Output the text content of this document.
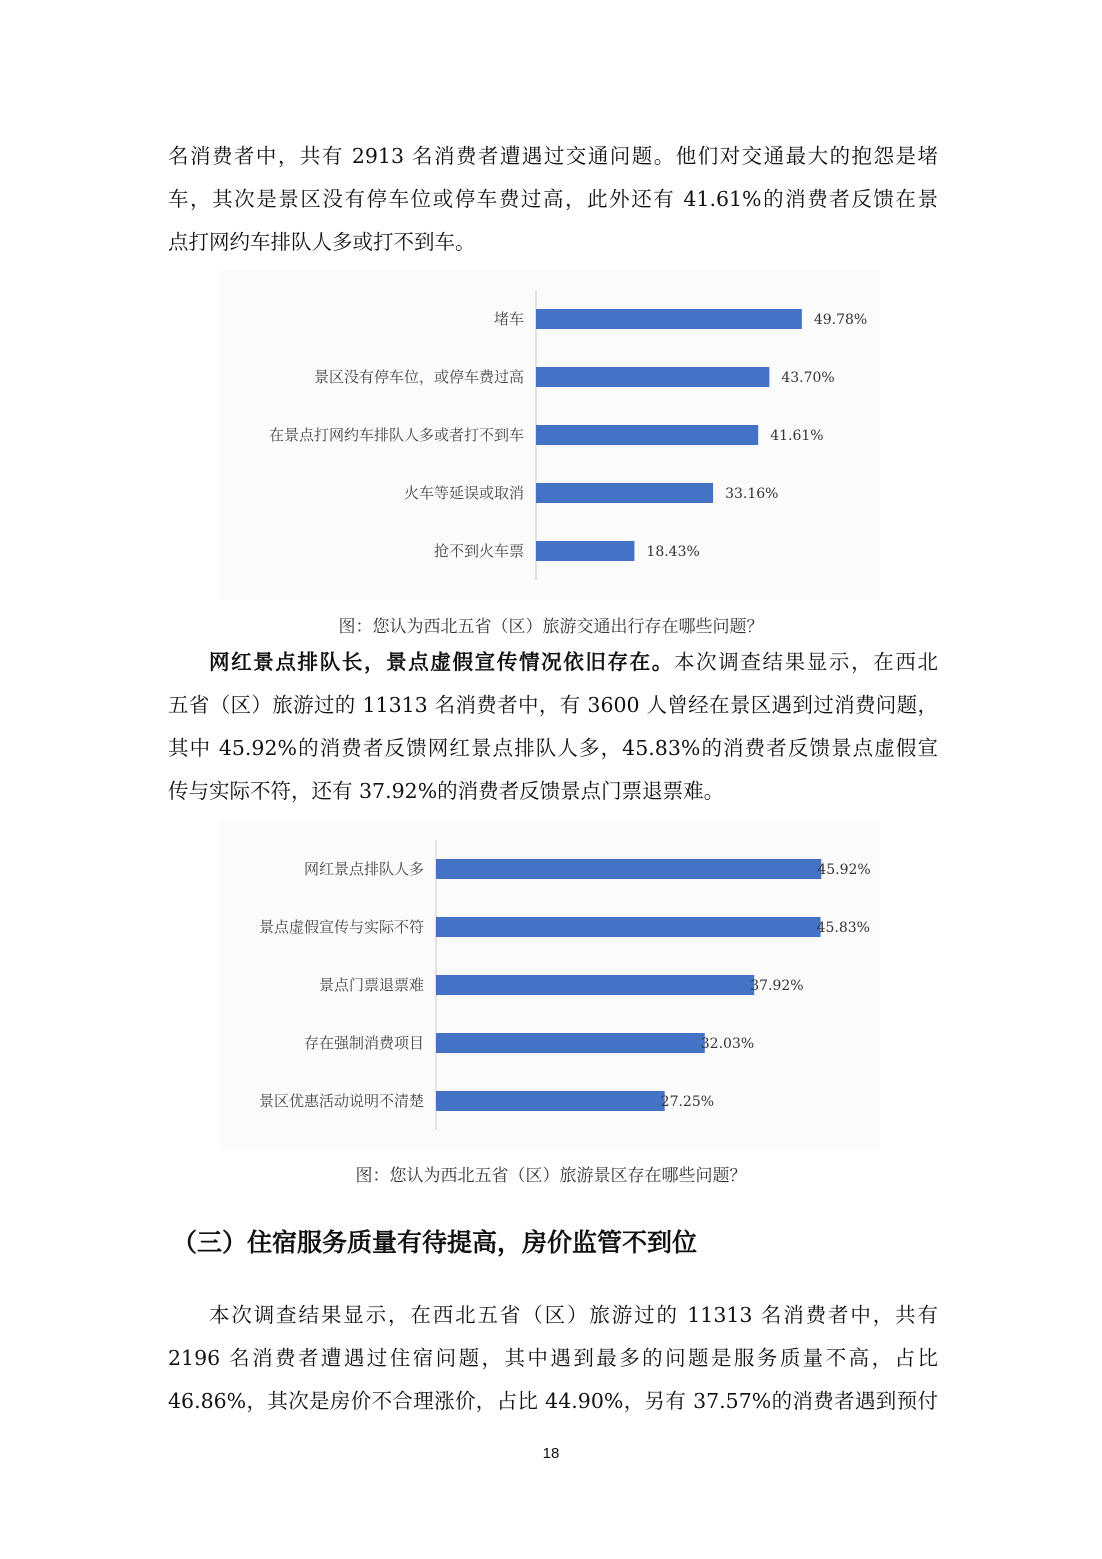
名消费者中，共有 2913 名消费者遭遇过交通问题。他们对交通最大的抱怨是堵
车，其次是景区没有停车位或停车费过高，此外还有 41.61%的消费者反馈在景
点打网约车排队人多或打不到车。
堵车	49.78%
景区没有停车位，或停车费过高	43.70%
在景点打网约车排队人多或者打不到车	41.61%
火车等延误或取消	33.16%
抢不到火车票	18.43%
图：您认为西北五省（区）旅游交通出行存在哪些问题？
网红景点排队长，景点虚假宣传情况依旧存在。本次调查结果显示，在西北
五省（区）旅游过的 11313 名消费者中，有 3600 人曾经在景区遇到过消费问题，
其中 45.92%的消费者反馈网红景点排队人多，45.83%的消费者反馈景点虚假宣
传与实际不符，还有 37.92%的消费者反馈景点门票退票难。
网红景点排队人多	45.92%
景点虚假宣传与实际不符	45.83%
景点门票退票难	37.92%
存在强制消费项目	32.03%
景区优惠活动说明不清楚	27.25%
图：您认为西北五省（区）旅游景区存在哪些问题？
（三）住宿服务质量有待提高，房价监管不到位
本次调查结果显示，在西北五省（区）旅游过的 11313 名消费者中，共有
2196 名消费者遭遇过住宿问题，其中遇到最多的问题是服务质量不高，占比
46.86%，其次是房价不合理涨价，占比 44.90%，另有 37.57%的消费者遇到预付
18
